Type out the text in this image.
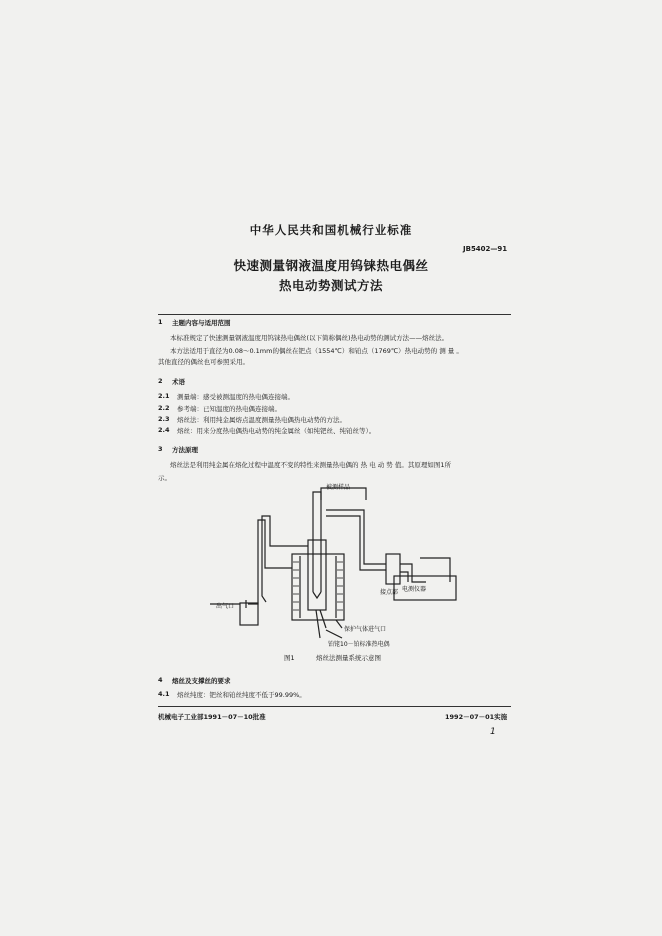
中华人民共和国机械行业标准
JB5402—91
快速测量钢液温度用钨铼热电偶丝
热电动势测试方法
1 主题内容与适用范围
本标准规定了快速测量钢液温度用钨铼热电偶丝(以下简称偶丝)热电动势的测试方法——熔丝法。
本方法适用于直径为0.08～0.1mm的偶丝在钯点（1554℃）和铂点（1769℃）热电动势的 测 量 。
其他直径的偶丝也可参照采用。
2 术语
2.1 测量端：感受被测温度的热电偶连接端。
2.2 参考端：已知温度的热电偶连接端。
2.3 熔丝法：利用纯金属熔点温度测量热电偶热电动势的方法。
2.4 熔丝：用来分度热电偶热电动势的纯金属丝（如纯钯丝、纯铂丝等）。
3 方法原理
熔丝法是利用纯金属在熔化过程中温度不变的特性来测量热电偶的 热 电 动 势 值。其原理如图1所
示。
被测样品
出气口
接点部 电测仪器
保护气体进气口
铂铑10－铂标准热电偶
图1	熔丝法测量系统示意图
4 熔丝及支撑丝的要求
4.1 熔丝纯度：钯丝和铂丝纯度不低于99.99%。
机械电子工业部1991－07－10批准	1992－07－01实施
1
